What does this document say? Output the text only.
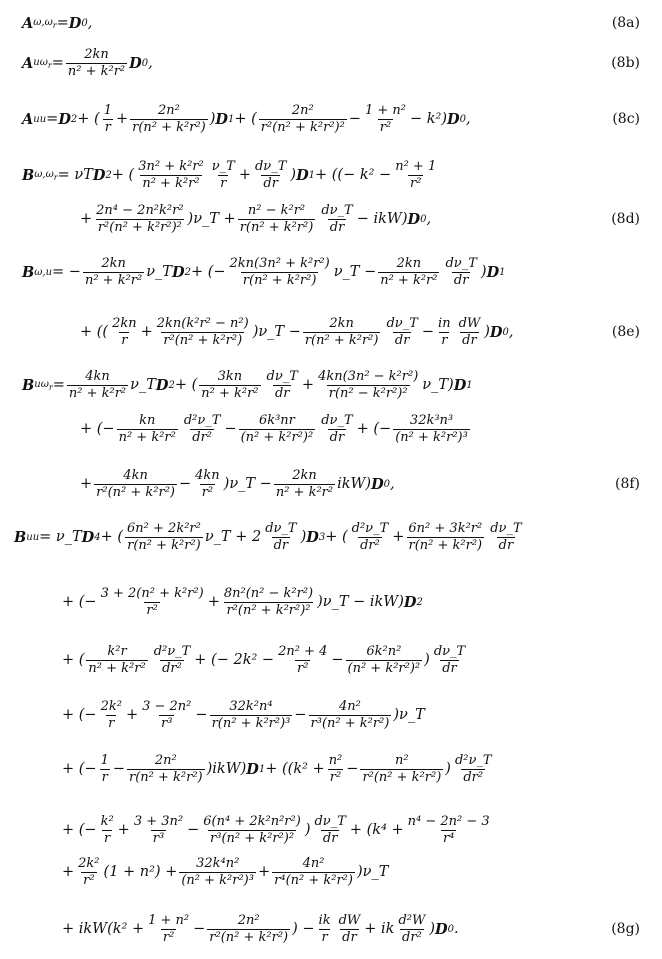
A $\omega,\omega_r = D$ 0 ,	(8a)
A $u\omega_r = \frac{2kn}{\text{n² + k²r²}}$ D 0 ,	(8b)
A uu = D 2 + ( $\frac{1}{r} + \frac{\text{2n²}}{\text{r(n² + k²r²)}}$ ) D 1 + ( $\frac{\text{2n²}}{\text{r²(n² + k²r²)²}} - \frac{\text{1 + n²}}{\text{r²}} - k^2$) D 0 ,	(8c)
B $\omega,\omega_r = \nu$ T D 2 + ( $\frac{\text{3n² + k²r²}}{\text{n² + k²r²}} \frac{\nu\_T}{r} + \frac{d\nu\_T}{dr}$ ) D 1 + ((− $k^2 - \frac{\text{n² + 1}}{\text{r²}}$
+ $\frac{\text{2n⁴ − 2n²k²r²}}{\text{r²(n² + k²r²)²}}$ )ν_T + $\frac{\text{n² − k²r²}}{\text{r(n² + k²r²)}} \frac{d\nu\_T}{dr} - ikW$) D 0 ,	(8d)
B ω,u = − $\frac{2kn}{\text{n² + k²r²}}$ ν_T D 2 + (− $\frac{\text{2kn(3n² + k²r²)}}{\text{r(n² + k²r²)}}$ ν_T − $\frac{2kn}{\text{n² + k²r²}} \frac{d\nu\_T}{dr}$ ) D 1
+ (( $\frac{2kn}{r} + \frac{\text{2kn(k²r² − n²)}}{\text{r²(n² + k²r²)}}$ )ν_T − $\frac{2kn}{\text{r(n² + k²r²)}} \frac{d\nu\_T}{dr} - \frac{in}{r} \frac{dW}{dr}$ ) D 0 ,	(8e)
B $u\omega_r = \frac{4kn}{\text{n² + k²r²}}$ ν_T D 2 + ( $\frac{3kn}{\text{n² + k²r²}} \frac{d\nu\_T}{dr} + \frac{\text{4kn(3n² − k²r²)}}{\text{r(n² − k²r²)²}}$ ν_T) D 1
+ (− $\frac{kn}{\text{n² + k²r²}} \frac{\text{d²ν\_T}}{\text{dr²}} - \frac{\text{6k³nr}}{\text{(n² + k²r²)²}} \frac{d\nu\_T}{dr}$ + (− $\frac{\text{32k³n³}}{\text{(n² + k²r²)³}}$
+ $\frac{4kn}{\text{r²(n² + k²r²)}} - \frac{4kn}{\text{r²}}$ )ν_T − $\frac{2kn}{\text{n² + k²r²}} ikW$) D 0 ,	(8f)
B uu = ν_T D 4 + ( $\frac{\text{6n² + 2k²r²}}{\text{r(n² + k²r²)}}$ ν_T + $2 \frac{d\nu\_T}{dr}$ ) D 3 + ( $\frac{\text{d²ν\_T}}{\text{dr²}} + \frac{\text{6n² + 3k²r²}}{\text{r(n² + k²r²)}} \frac{d\nu\_T}{dr}$
+ (− $\frac{\text{3 + 2(n² + k²r²)}}{\text{r²}} + \frac{\text{8n²(n² − k²r²)}}{\text{r²(n² + k²r²)²}}$ )ν_T − ikW) D 2
+ ( $\frac{\text{k²r}}{\text{n² + k²r²}} \frac{\text{d²ν\_T}}{\text{dr²}}$ + (− $2k^2 - \frac{\text{2n² + 4}}{\text{r²}} - \frac{\text{6k²n²}}{\text{(n² + k²r²)²}}$ ) $\frac{d\nu\_T}{dr}$
+ (− $\frac{\text{2k²}}{r} + \frac{\text{3 − 2n²}}{\text{r³}} - \frac{\text{32k²n⁴}}{\text{r(n² + k²r²)³}} - \frac{\text{4n²}}{\text{r³(n² + k²r²)}}$ )ν_T
+ (− $\frac{1}{r} - \frac{\text{2n²}}{\text{r(n² + k²r²)}} )ikW$) D $1 + ((k^2 + \frac{\text{n²}}{\text{r²}} - \frac{\text{n²}}{\text{r²(n² + k²r²)}}$ ) $\frac{\text{d²ν\_T}}{\text{dr²}}$
+ (− $\frac{\text{k²}}{r} + \frac{\text{3 + 3n²}}{\text{r³}} - \frac{\text{6(n⁴ + 2k²n²r²)}}{\text{r³(n² + k²r²)²}}$ ) $\frac{d\nu\_T}{dr} + (k^4 + \frac{\text{n⁴ − 2n² − 3}}{\text{r⁴}}$
+ $\frac{\text{2k²}}{\text{r²}} (1 + n^2) + \frac{\text{32k⁴n²}}{\text{(n² + k²r²)³}} + \frac{\text{4n²}}{\text{r⁴(n² + k²r²)}}$ )ν_T
+ $ikW(k^2 + \frac{\text{1 + n²}}{\text{r²}} - \frac{\text{2n²}}{\text{r²(n² + k²r²)}}$ ) − $\frac{ik}{r} \frac{dW}{dr}$ + ik $\frac{\text{d²W}}{\text{dr²}}$ ) D 0 .	(8g)
